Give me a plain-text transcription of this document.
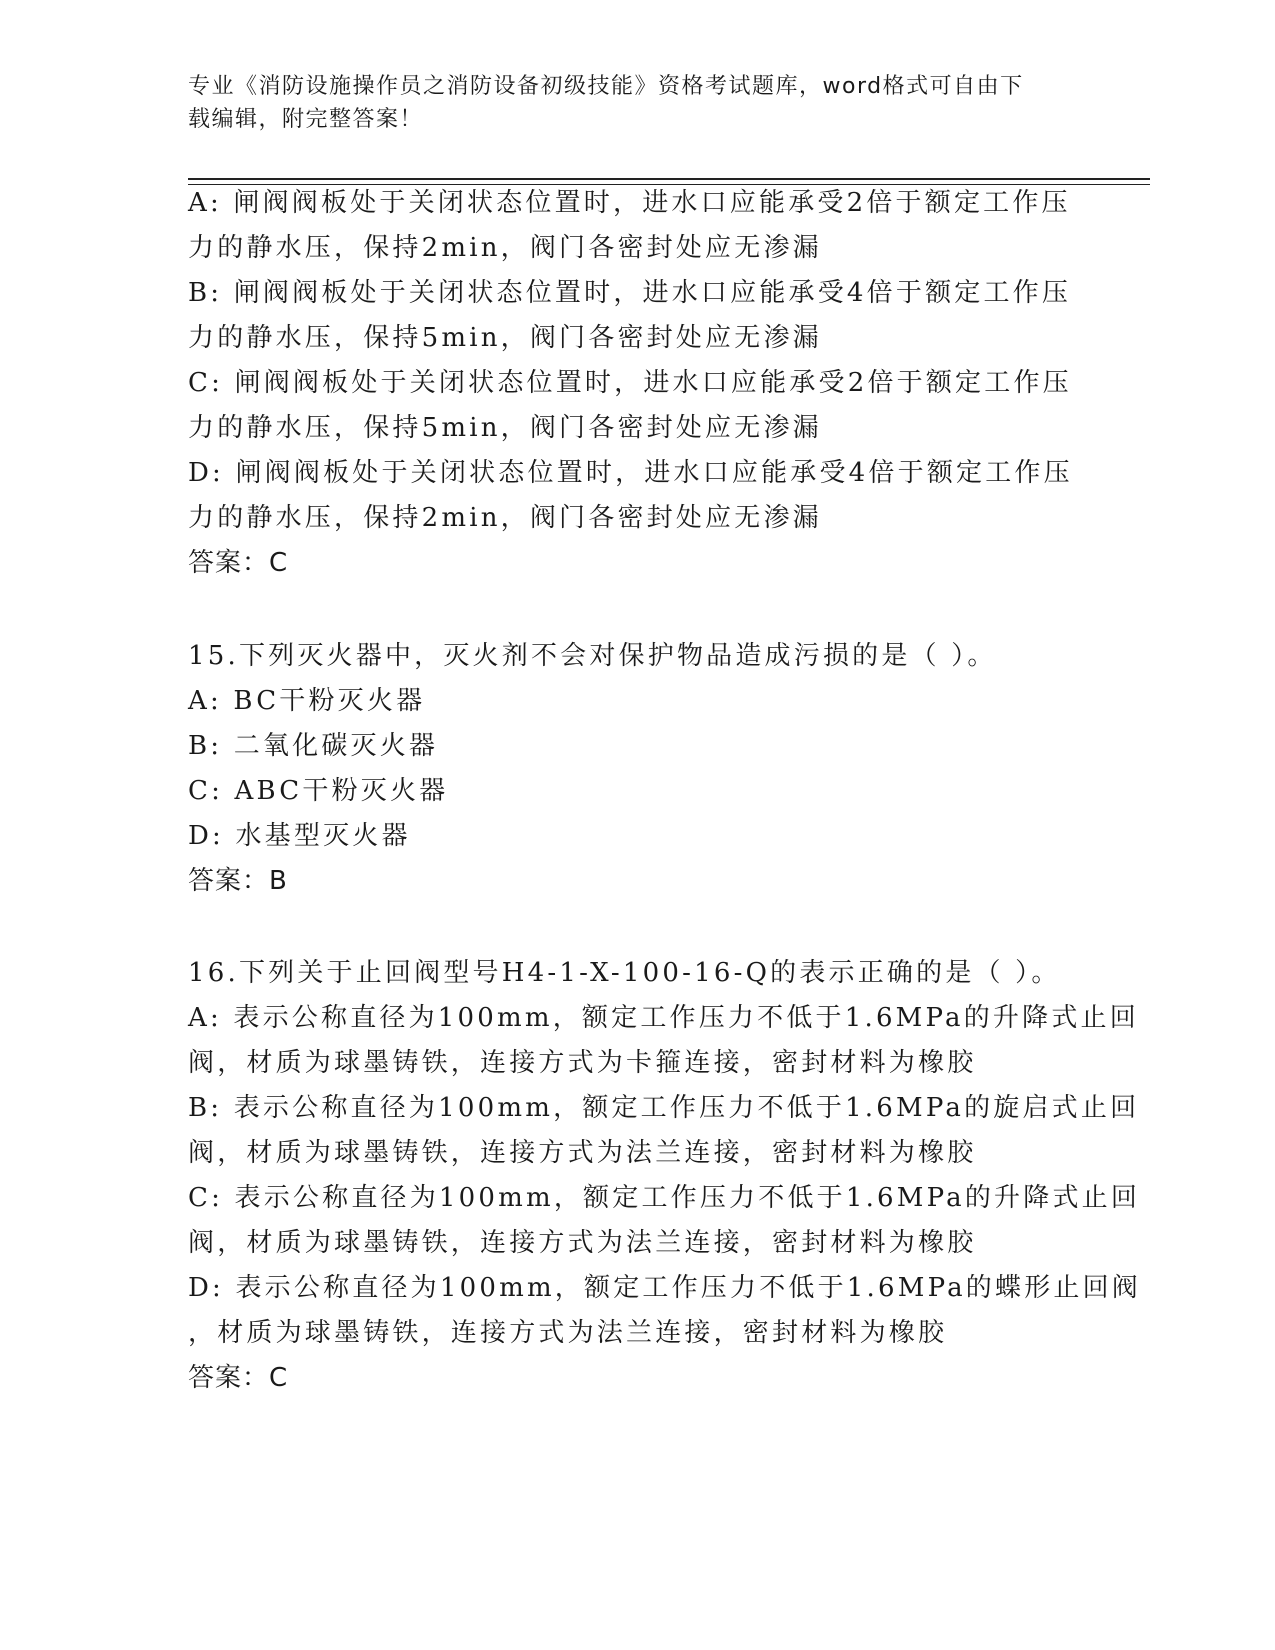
专业《消防设施操作员之消防设备初级技能》资格考试题库，word格式可自由下
载编辑，附完整答案！
A: 闸阀阀板处于关闭状态位置时，进水口应能承受2倍于额定工作压
力的静水压，保持2min，阀门各密封处应无渗漏
B: 闸阀阀板处于关闭状态位置时，进水口应能承受4倍于额定工作压
力的静水压，保持5min，阀门各密封处应无渗漏
C: 闸阀阀板处于关闭状态位置时，进水口应能承受2倍于额定工作压
力的静水压，保持5min，阀门各密封处应无渗漏
D: 闸阀阀板处于关闭状态位置时，进水口应能承受4倍于额定工作压
力的静水压，保持2min，阀门各密封处应无渗漏
答案：C
15.下列灭火器中，灭火剂不会对保护物品造成污损的是（ ）。
A: BC干粉灭火器
B: 二氧化碳灭火器
C: ABC干粉灭火器
D: 水基型灭火器
答案：B
16.下列关于止回阀型号H4-1-X-100-16-Q的表示正确的是（ ）。
A: 表示公称直径为100mm，额定工作压力不低于1.6MPa的升降式止回
阀，材质为球墨铸铁，连接方式为卡箍连接，密封材料为橡胶
B: 表示公称直径为100mm，额定工作压力不低于1.6MPa的旋启式止回
阀，材质为球墨铸铁，连接方式为法兰连接，密封材料为橡胶
C: 表示公称直径为100mm，额定工作压力不低于1.6MPa的升降式止回
阀，材质为球墨铸铁，连接方式为法兰连接，密封材料为橡胶
D: 表示公称直径为100mm，额定工作压力不低于1.6MPa的蝶形止回阀
，材质为球墨铸铁，连接方式为法兰连接，密封材料为橡胶
答案：C
